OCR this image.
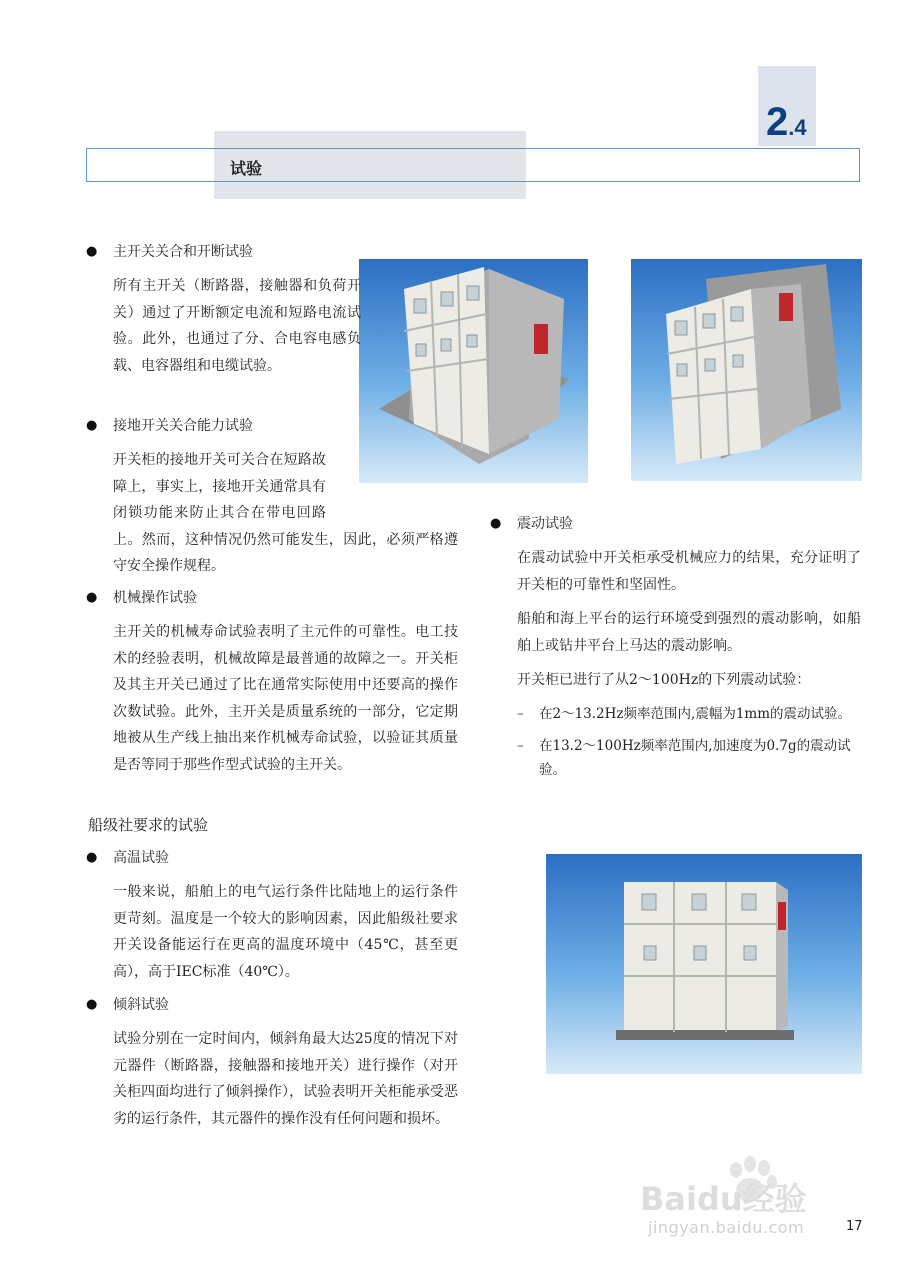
2.4
试验
● 主开关关合和开断试验
所有主开关（断路器，接触器和负荷开关）通过了开断额定电流和短路电流试验。此外，也通过了分、合电容电感负载、电容器组和电缆试验。
● 接地开关关合能力试验
开关柜的接地开关可关合在短路故障上，事实上，接地开关通常具有闭锁功能来防止其合在带电回路上。然而，这种情况仍然可能发生，因此，必须严格遵守安全操作规程。
● 机械操作试验
主开关的机械寿命试验表明了主元件的可靠性。电工技术的经验表明，机械故障是最普通的故障之一。开关柜及其主开关已通过了比在通常实际使用中还要高的操作次数试验。此外，主开关是质量系统的一部分，它定期地被从生产线上抽出来作机械寿命试验，以验证其质量是否等同于那些作型式试验的主开关。
船级社要求的试验
● 高温试验
一般来说，船舶上的电气运行条件比陆地上的运行条件更苛刻。温度是一个较大的影响因素，因此船级社要求开关设备能运行在更高的温度环境中（45℃，甚至更高），高于IEC标准（40℃）。
● 倾斜试验
试验分别在一定时间内，倾斜角最大达25度的情况下对元器件（断路器，接触器和接地开关）进行操作（对开关柜四面均进行了倾斜操作），试验表明开关柜能承受恶劣的运行条件，其元器件的操作没有任何问题和损坏。
● 震动试验
在震动试验中开关柜承受机械应力的结果，充分证明了开关柜的可靠性和坚固性。
船舶和海上平台的运行环境受到强烈的震动影响，如船舶上或钻井平台上马达的震动影响。
开关柜已进行了从2～100Hz的下列震动试验：
– 在2～13.2Hz频率范围内,震幅为1mm的震动试验。
– 在13.2～100Hz频率范围内,加速度为0.7g的震动试验。
Baidu经验
jingyan.baidu.com	17
